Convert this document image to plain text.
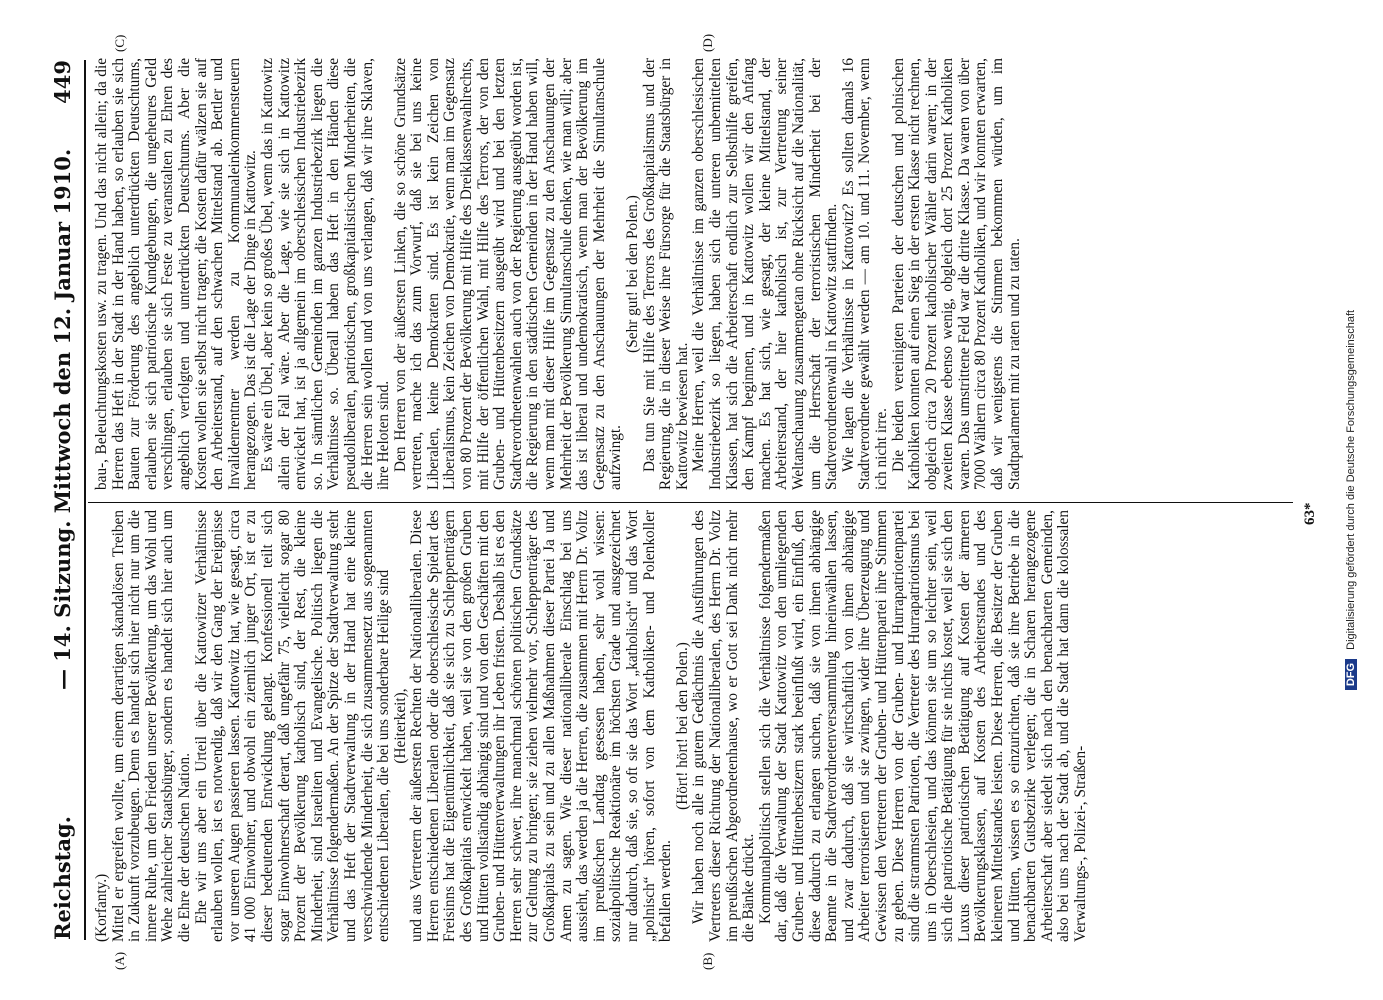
Reichstag.
— 14. Sitzung. Mittwoch den 12. Januar 1910.
449
(A)	(B)
(C)	(D)

(Korfanty.) Mittel er ergreifen wollte, um einem derartigen skandalösen Treiben in Zukunft vorzubeugen. Denn es handelt sich hier nicht nur um die innere Ruhe, um den Frieden unserer Bevölkerung, um das Wohl und Wehe zahlreicher Staatsbürger, sondern es handelt sich hier auch um die Ehre der deutschen Nation. Ehe wir uns aber ein Urteil über die Kattowitzer Verhältnisse erlauben wollen, ist es notwendig, daß wir den Gang der Ereignisse vor unseren Augen passieren lassen. Kattowitz hat, wie gesagt, circa 41 000 Einwohner, und obwohl ein ziemlich junger Ort, ist er zu dieser bedeutenden Entwicklung gelangt. Konfessionell teilt sich sogar Einwohnerschaft derart, daß ungefähr 75, vielleicht sogar 80 Prozent der Bevölkerung katholisch sind, der Rest, die kleine Minderheit, sind Israeliten und Evangelische. Politisch liegen die Verhältnisse folgendermaßen. An der Spitze der Stadtverwaltung steht und das Heft der Stadtverwaltung in der Hand hat eine kleine verschwindende Minderheit, die sich zusammensetzt aus sogenannten entschiedenen Liberalen, die bei uns sonderbare Heilige sind (Heiterkeit), und aus Vertretern der äußersten Rechten der Nationalliberalen. Diese Herren entschiedenen Liberalen oder die oberschlesische Spielart des Freisinns hat die Eigentümlichkeit, daß sie sich zu Schleppenträgern des Großkapitals entwickelt haben, weil sie von den großen Gruben und Hütten vollständig abhängig sind und von den Geschäften mit den Gruben- und Hüttenverwaltungen ihr Leben fristen. Deshalb ist es den Herren sehr schwer, ihre manchmal schönen politischen Grundsätze zur Geltung zu bringen; sie ziehen vielmehr vor, Schleppenträger des Großkapitals zu sein und zu allen Maßnahmen dieser Partei Ja und Amen zu sagen. Wie dieser nationalliberale Einschlag bei uns aussieht, das werden ja die Herren, die zusammen mit Herrn Dr. Voltz im preußischen Landtag gesessen haben, sehr wohl wissen: sozialpolitische Reaktionäre im höchsten Grade und ausgezeichnet nur dadurch, daß sie, so oft sie das Wort „katholisch“ und das Wort „polnisch“ hören, sofort von dem Katholiken- und Polenkoller befallen werden.

(Hört! hört! bei den Polen.) Wir haben noch alle in gutem Gedächtnis die Ausführungen des Vertreters dieser Richtung der Nationalliberalen, des Herrn Dr. Voltz im preußischen Abgeordnetenhause, wo er Gott sei Dank nicht mehr die Bänke drückt. Kommunalpolitisch stellen sich die Verhältnisse folgendermaßen dar, daß die Verwaltung der Stadt Kattowitz von den umliegenden Gruben- und Hüttenbesitzern stark beeinflußt wird, ein Einfluß, den diese dadurch zu erlangen suchen, daß sie von ihnen abhängige Beamte in die Stadtverordnetenversammlung hineinwählen lassen, und zwar dadurch, daß sie wirtschaftlich von ihnen abhängige Arbeiter terrorisieren und sie zwingen, wider ihre Überzeugung und Gewissen den Vertretern der Gruben- und Hüttenpartei ihre Stimmen zu geben. Diese Herren von der Gruben- und Hurrapatriotenpartei sind die strammsten Patrioten, die Vertreter des Hurrapatriotismus bei uns in Oberschlesien, und das können sie um so leichter sein, weil sich die patriotische Betätigung für sie nichts kostet, weil sie sich den Luxus dieser patriotischen Betätigung auf Kosten der ärmeren Bevölkerungsklassen, auf Kosten des Arbeiterstandes und des kleineren Mittelstandes leisten. Diese Herren, die Besitzer der Gruben und Hütten, wissen es so einzurichten, daß sie ihre Betriebe in die benachbarten Gutsbezirke verlegen; die in Scharen herangezogene Arbeiterschaft aber siedelt sich nach den benachbarten Gemeinden, also bei uns nach der Stadt ab, und die Stadt hat dann die kolossalen Verwaltungs-, Polizei-, Straßen-

bau-, Beleuchtungskosten usw. zu tragen. Und das nicht allein; da die Herren das Heft in der Stadt in der Hand haben, so erlauben sie sich Bauten zur Förderung des angeblich unterdrückten Deutschtums, erlauben sie sich patriotische Kundgebungen, die ungeheures Geld verschlingen, erlauben sie sich Feste zu veranstalten zu Ehren des angeblich verfolgten und unterdrückten Deutschtums. Aber die Kosten wollen sie selbst nicht tragen; die Kosten dafür wälzen sie auf den Arbeiterstand, auf den schwachen Mittelstand ab. Bettler und Invalidenrentner werden zu Kommunaleinkommensteuern herangezogen. Das ist die Lage der Dinge in Kattowitz. Es wäre ein Übel, aber kein so großes Übel, wenn das in Kattowitz allein der Fall wäre. Aber die Lage, wie sie sich in Kattowitz entwickelt hat, ist ja allgemein im oberschlesischen Industriebezirk so. In sämtlichen Gemeinden im ganzen Industriebezirk liegen die Verhältnisse so. Überall haben das Heft in den Händen diese pseudoliberalen, patriotischen, großkapitalistischen Minderheiten, die die Herren sein wollen und von uns verlangen, daß wir ihre Sklaven, ihre Heloten sind. Den Herren von der äußersten Linken, die so schöne Grundsätze vertreten, mache ich das zum Vorwurf, daß sie bei uns keine Liberalen, keine Demokraten sind. Es ist kein Zeichen von Liberalismus, kein Zeichen von Demokratie, wenn man im Gegensatz von 80 Prozent der Bevölkerung mit Hilfe des Dreiklassenwahlrechts, mit Hilfe der öffentlichen Wahl, mit Hilfe des Terrors, der von den Gruben- und Hüttenbesitzern ausgeübt wird und bei den letzten Stadtverordnetenwahlen auch von der Regierung ausgeübt worden ist, die Regierung in den städtischen Gemeinden in der Hand haben will, wenn man mit dieser Hilfe im Gegensatz zu den Anschauungen der Mehrheit der Bevölkerung Simultanschule denken, wie man will; aber das ist liberal und undemokratisch, wenn man der Bevölkerung im Gegensatz zu den Anschauungen der Mehrheit die Simultanschule aufzwingt.

(Sehr gut! bei den Polen.) Das tun Sie mit Hilfe des Terrors des Großkapitalismus und der Regierung, die in dieser Weise ihre Fürsorge für die Staatsbürger in Kattowitz bewiesen hat. Meine Herren, weil die Verhältnisse im ganzen oberschlesischen Industriebezirk so liegen, haben sich die unteren unbemittelten Klassen, hat sich die Arbeiterschaft endlich zur Selbsthilfe greifen, den Kampf beginnen, und in Kattowitz wollen wir den Anfang machen. Es hat sich, wie gesagt, der kleine Mittelstand, der Arbeiterstand, der hier katholisch ist, zur Vertretung seiner Weltanschauung zusammengetan ohne Rücksicht auf die Nationalität, um die Herrschaft der terroristischen Minderheit bei der Stadtverordnetenwahl in Kattowitz stattfinden. Wie lagen die Verhältnisse in Kattowitz? Es sollten damals 16 Stadtverordnete gewählt werden — am 10. und 11. November, wenn ich nicht irre. Die beiden vereinigten Parteien der deutschen und polnischen Katholiken konnten auf einen Sieg in der ersten Klasse nicht rechnen, obgleich circa 20 Prozent katholischer Wähler darin waren; in der zweiten Klasse ebenso wenig, obgleich dort 25 Prozent Katholiken waren. Das umstrittene Feld war die dritte Klasse. Da waren von über 7000 Wählern circa 80 Prozent Katholiken, und wir konnten erwarten, daß wir wenigstens die Stimmen bekommen würden, um im Stadtparlament mit zu raten und zu taten.

63*
DFG Digitalisierung gefördert durch die Deutsche Forschungsgemeinschaft
